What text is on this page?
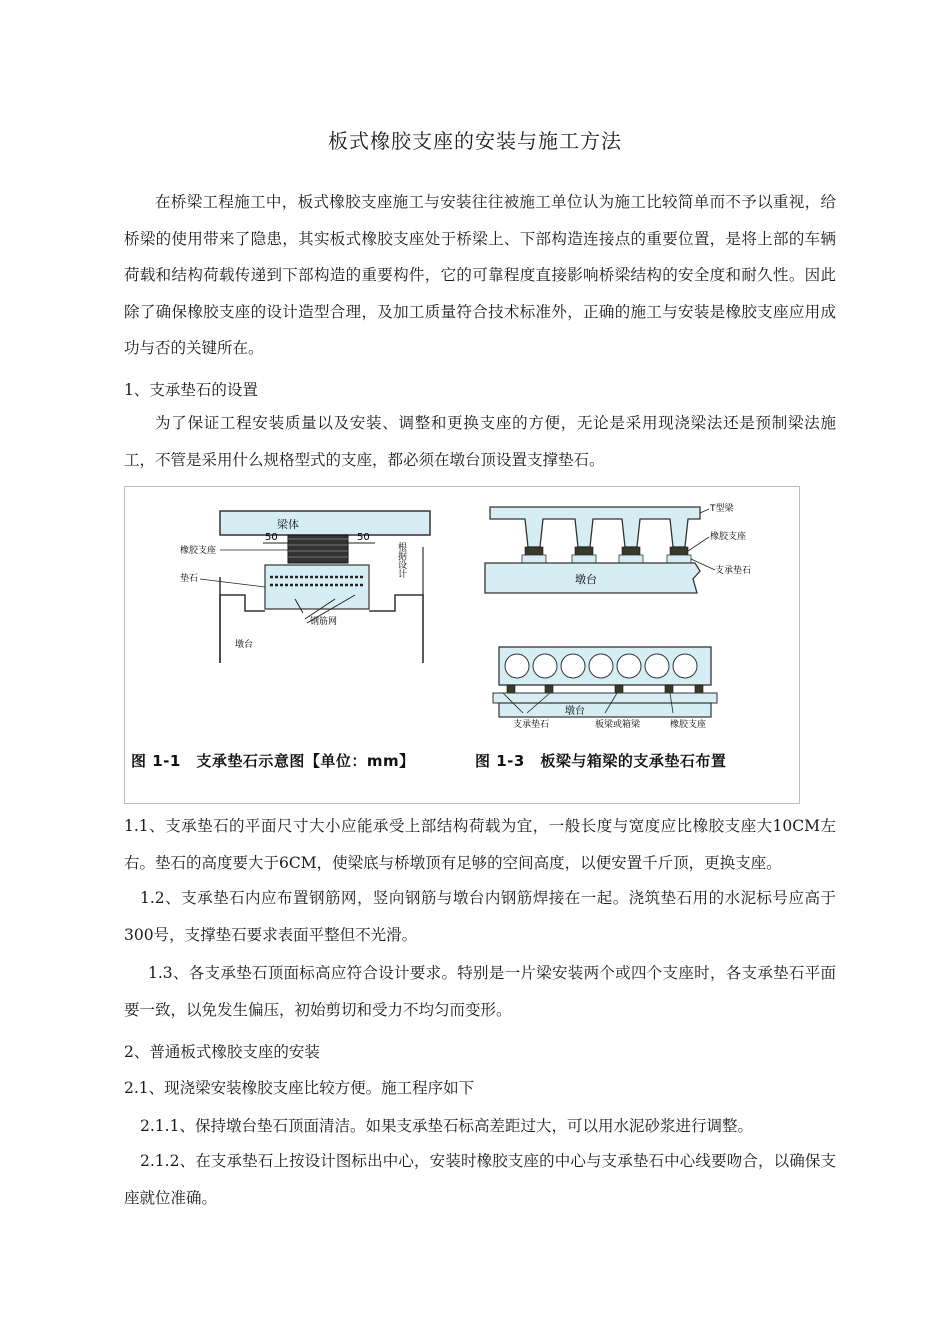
板式橡胶支座的安装与施工方法

在桥梁工程施工中，板式橡胶支座施工与安装往往被施工单位认为施工比较简单而不予以重视，给桥梁的使用带来了隐患，其实板式橡胶支座处于桥梁上、下部构造连接点的重要位置，是将上部的车辆荷载和结构荷载传递到下部构造的重要构件，它的可靠程度直接影响桥梁结构的安全度和耐久性。因此除了确保橡胶支座的设计造型合理，及加工质量符合技术标准外，正确的施工与安装是橡胶支座应用成功与否的关键所在。

1、支承垫石的设置

为了保证工程安装质量以及安装、调整和更换支座的方便，无论是采用现浇梁法还是预制梁法施工，不管是采用什么规格型式的支座，都必须在墩台顶设置支撑垫石。

梁体
50	50
橡胶支座
垫石
钢筋网
墩台
根据设计
墩台
T型梁
橡胶支座
支承垫石
墩台
支承垫石	板梁或箱梁	橡胶支座
图 1-1　支承垫石示意图【单位：mm】	图 1-3　板梁与箱梁的支承垫石布置

1.1、支承垫石的平面尺寸大小应能承受上部结构荷载为宜，一般长度与宽度应比橡胶支座大10CM左右。垫石的高度要大于6CM，使梁底与桥墩顶有足够的空间高度，以便安置千斤顶，更换支座。

1.2、支承垫石内应布置钢筋网，竖向钢筋与墩台内钢筋焊接在一起。浇筑垫石用的水泥标号应高于300号，支撑垫石要求表面平整但不光滑。

1.3、各支承垫石顶面标高应符合设计要求。特别是一片梁安装两个或四个支座时，各支承垫石平面要一致，以免发生偏压，初始剪切和受力不均匀而变形。

2、普通板式橡胶支座的安装
2.1、现浇梁安装橡胶支座比较方便。施工程序如下
2.1.1、保持墩台垫石顶面清洁。如果支承垫石标高差距过大，可以用水泥砂浆进行调整。

2.1.2、在支承垫石上按设计图标出中心，安装时橡胶支座的中心与支承垫石中心线要吻合，以确保支座就位准确。
